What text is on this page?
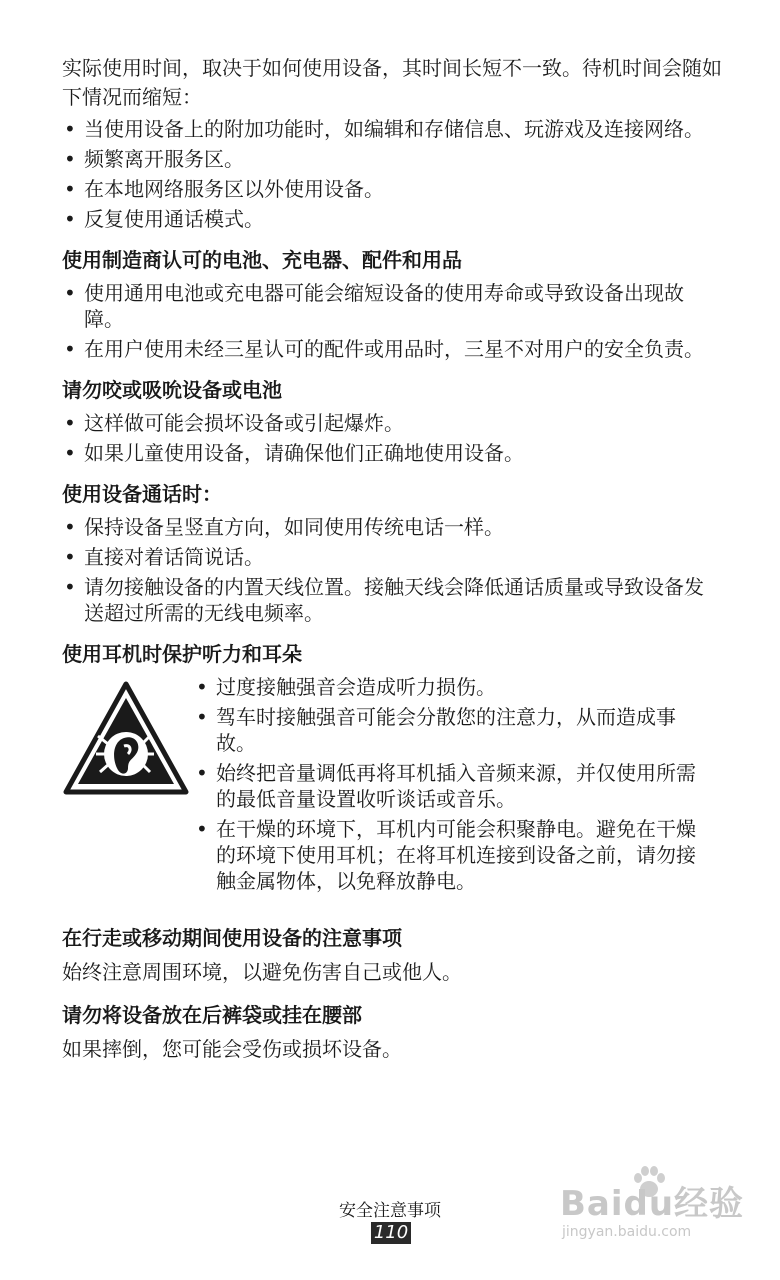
实际使用时间，取决于如何使用设备，其时间长短不一致。待机时间会随如下情况而缩短：

• 当使用设备上的附加功能时，如编辑和存储信息、玩游戏及连接网络。
• 频繁离开服务区。
• 在本地网络服务区以外使用设备。
• 反复使用通话模式。
使用制造商认可的电池、充电器、配件和用品
• 使用通用电池或充电器可能会缩短设备的使用寿命或导致设备出现故障。
• 在用户使用未经三星认可的配件或用品时，三星不对用户的安全负责。
请勿咬或吸吮设备或电池
• 这样做可能会损坏设备或引起爆炸。
• 如果儿童使用设备，请确保他们正确地使用设备。
使用设备通话时：
• 保持设备呈竖直方向，如同使用传统电话一样。
• 直接对着话筒说话。
• 请勿接触设备的内置天线位置。接触天线会降低通话质量或导致设备发送超过所需的无线电频率。
使用耳机时保护听力和耳朵
• 过度接触强音会造成听力损伤。
• 驾车时接触强音可能会分散您的注意力，从而造成事故。
• 始终把音量调低再将耳机插入音频来源，并仅使用所需的最低音量设置收听谈话或音乐。
• 在干燥的环境下，耳机内可能会积聚静电。避免在干燥的环境下使用耳机；在将耳机连接到设备之前，请勿接触金属物体，以免释放静电。
在行走或移动期间使用设备的注意事项

始终注意周围环境，以避免伤害自己或他人。

请勿将设备放在后裤袋或挂在腰部

如果摔倒，您可能会受伤或损坏设备。

安全注意事项
110
Baidu经验
jingyan.baidu.com
